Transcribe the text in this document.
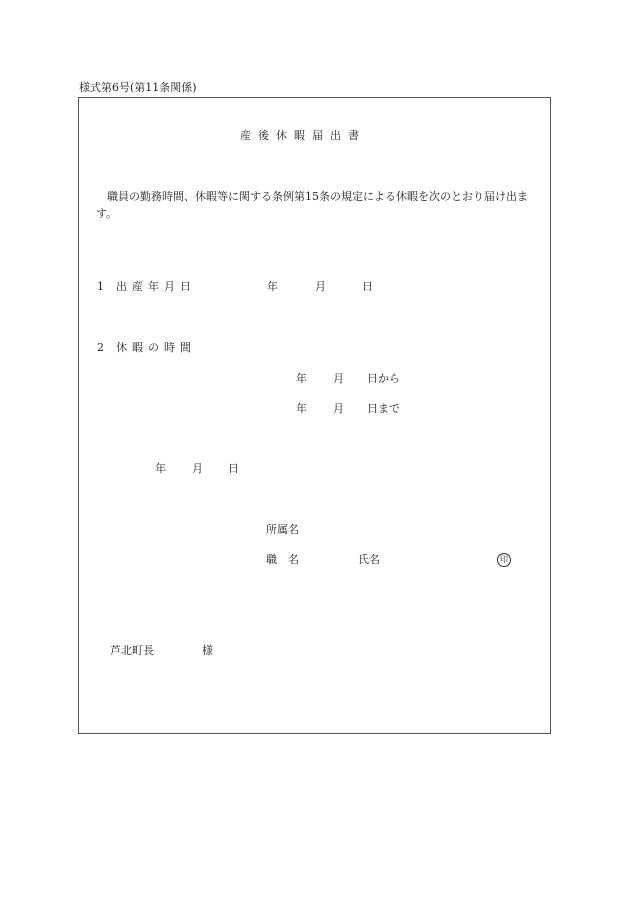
様式第6号(第11条関係)
産後休暇届出書
職員の勤務時間、休暇等に関する条例第15条の規定による休暇を次のとおり届け出ます。
1 出産年月日	年	月	日
2 休暇の時間
年 月 日から
年 月 日まで
年 月 日
所属名
職　名	氏名	印
芦北町長	様
